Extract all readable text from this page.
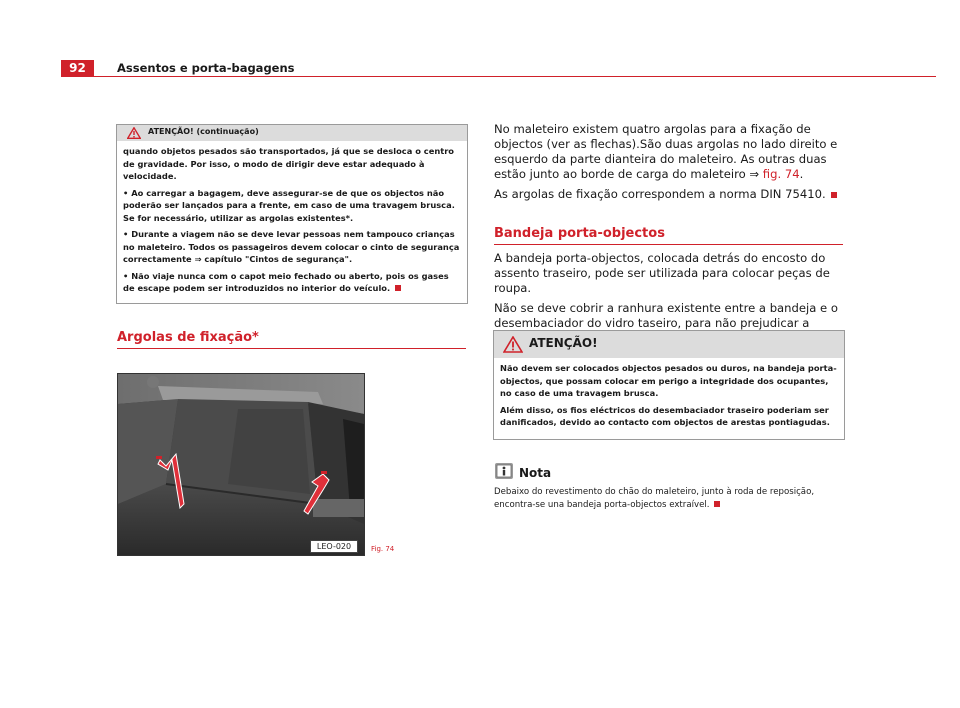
92	Assentos e porta-bagagens
ATENÇÃO! (continuação)

quando objetos pesados são transportados, já que se desloca o centro de gravidade. Por isso, o modo de dirigir deve estar adequado à velocidade.

• Ao carregar a bagagem, deve assegurar-se de que os objectos não poderão ser lançados para a frente, em caso de uma travagem brusca. Se for necessário, utilizar as argolas existentes*.

• Durante a viagem não se deve levar pessoas nem tampouco crianças no maleteiro. Todos os passageiros devem colocar o cinto de segurança correctamente ⇒ capítulo "Cintos de segurança".

• Não viaje nunca com o capot meio fechado ou aberto, pois os gases de escape podem ser introduzidos no interior do veículo.

Argolas de fixação*
LEO-020	Fig. 74

No maleteiro existem quatro argolas para a fixação de objectos (ver as flechas).São duas argolas no lado direito e esquerdo da parte dianteira do maleteiro. As outras duas estão junto ao borde de carga do maleteiro ⇒ fig. 74.

As argolas de fixação correspondem a norma DIN 75410.

Bandeja porta-objectos

A bandeja porta-objectos, colocada detrás do encosto do assento traseiro, pode ser utilizada para colocar peças de roupa.

Não se deve cobrir a ranhura existente entre a bandeja e o desembaciador do vidro taseiro, para não prejudicar a

ATENÇÃO!

Não devem ser colocados objectos pesados ou duros, na bandeja porta-objectos, que possam colocar em perigo a integridade dos ocupantes, no caso de uma travagem brusca.

Além disso, os fios eléctricos do desembaciador traseiro poderiam ser danificados, devido ao contacto com objectos de arestas pontiagudas.

Nota
Debaixo do revestimento do chão do maleteiro, junto à roda de reposição, encontra-se una bandeja porta-objectos extraível.
